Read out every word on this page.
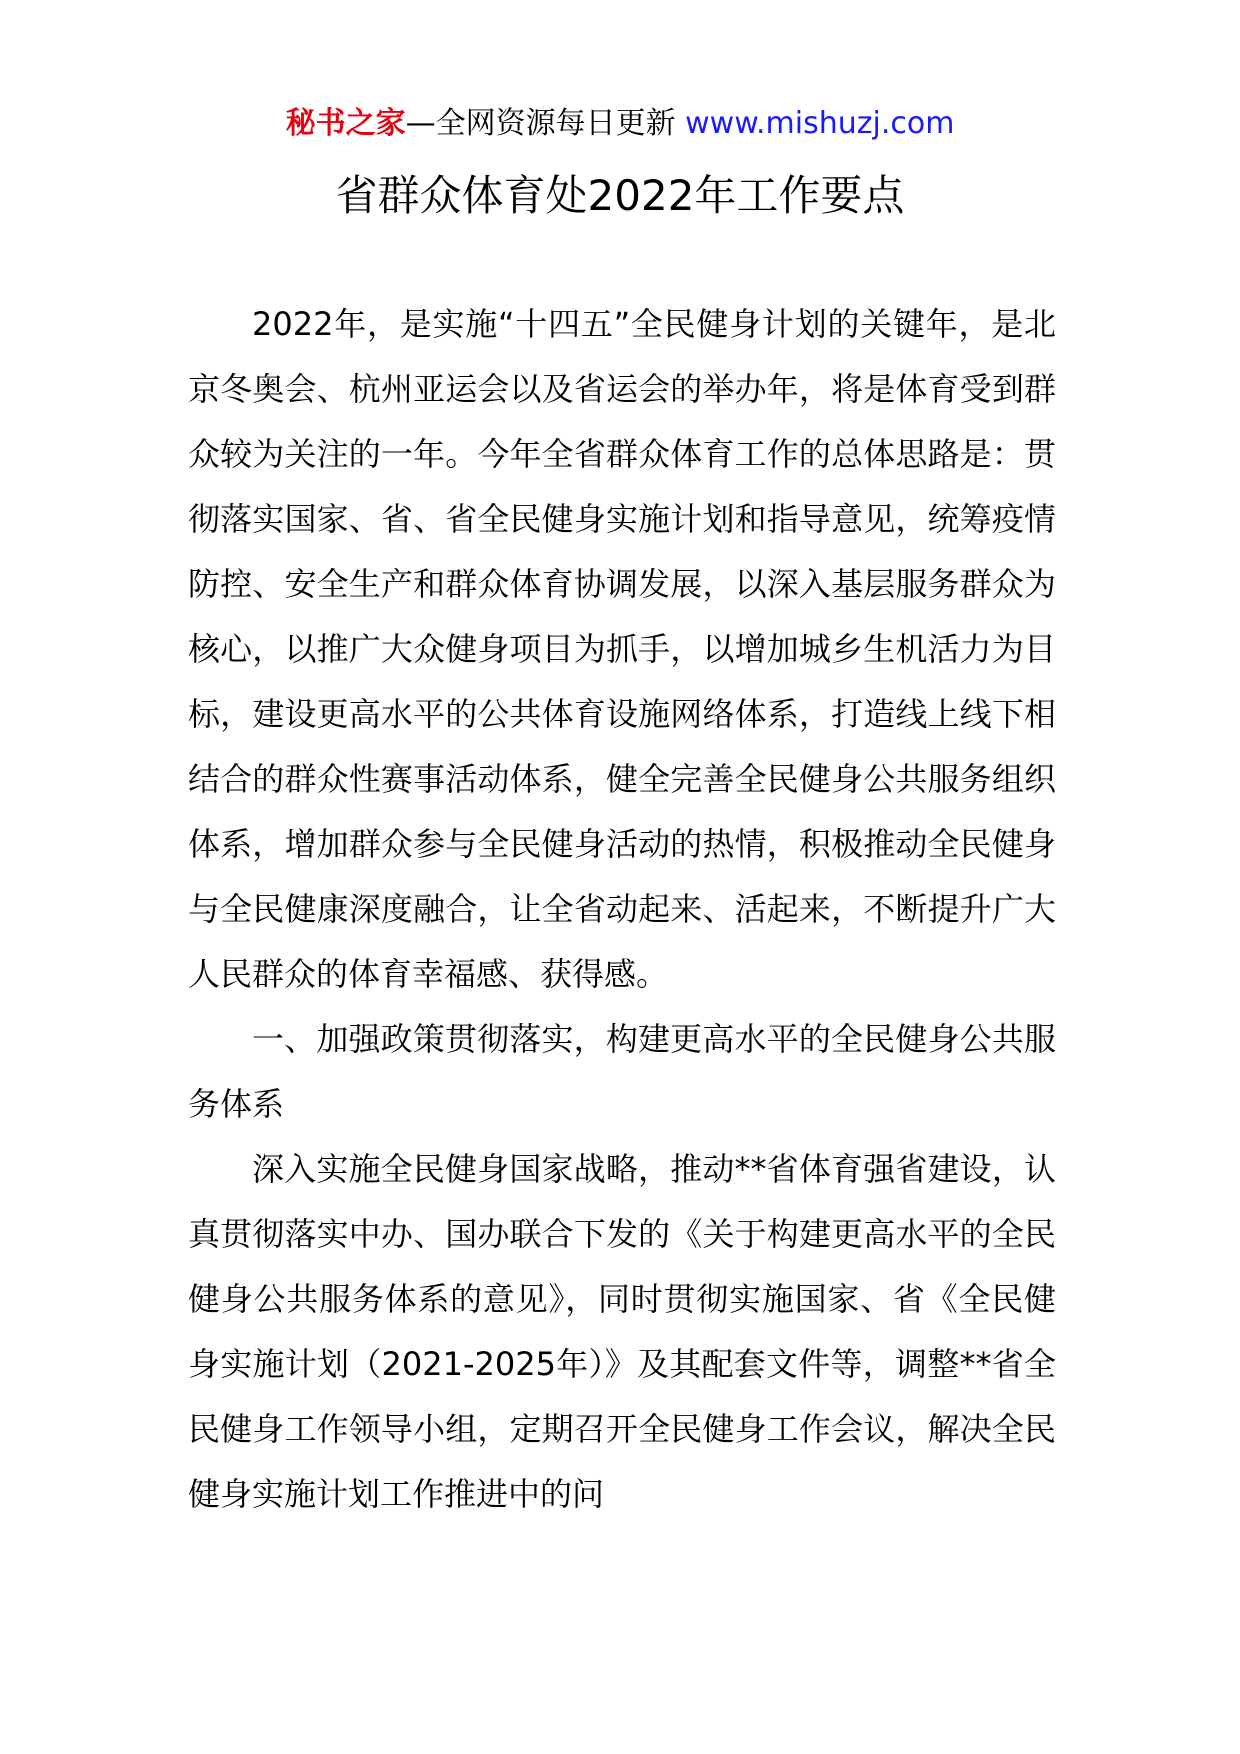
秘书之家—全网资源每日更新 www.mishuzj.com
省群众体育处2022年工作要点

2022年，是实施“十四五”全民健身计划的关键年，是北京冬奥会、杭州亚运会以及省运会的举办年，将是体育受到群众较为关注的一年。今年全省群众体育工作的总体思路是：贯彻落实国家、省、省全民健身实施计划和指导意见，统筹疫情防控、安全生产和群众体育协调发展，以深入基层服务群众为核心，以推广大众健身项目为抓手，以增加城乡生机活力为目标，建设更高水平的公共体育设施网络体系，打造线上线下相结合的群众性赛事活动体系，健全完善全民健身公共服务组织体系，增加群众参与全民健身活动的热情，积极推动全民健身与全民健康深度融合，让全省动起来、活起来，不断提升广大人民群众的体育幸福感、获得感。

一、加强政策贯彻落实，构建更高水平的全民健身公共服务体系

深入实施全民健身国家战略，推动**省体育强省建设，认真贯彻落实中办、国办联合下发的《关于构建更高水平的全民健身公共服务体系的意见》，同时贯彻实施国家、省《全民健身实施计划（2021-2025年）》及其配套文件等，调整**省全民健身工作领导小组，定期召开全民健身工作会议，解决全民健身实施计划工作推进中的问
